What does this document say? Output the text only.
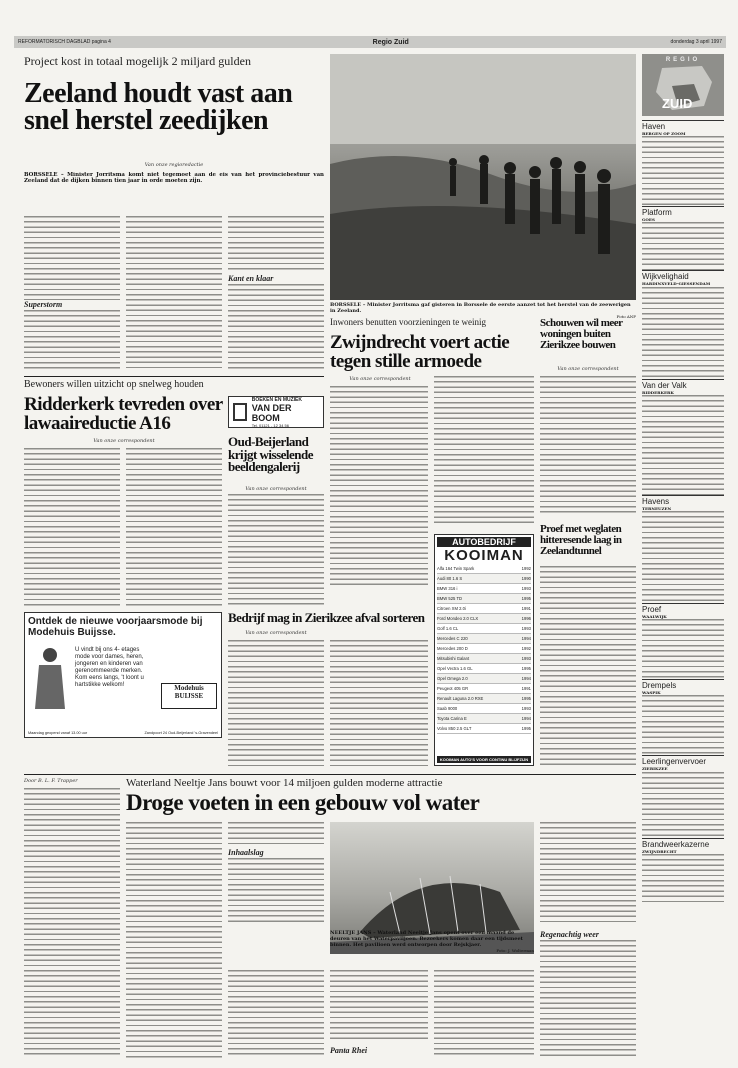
REFORMATORISCH DAGBLAD pagina 4	Regio Zuid	donderdag 3 april 1997
Project kost in totaal mogelijk 2 miljard gulden
Zeeland houdt vast aan snel herstel zeedijken
Van onze regioredactie
BORSSELE – Minister Jorritsma komt niet tegemoet aan de eis van het provinciebestuur van Zeeland dat de dijken binnen tien jaar in orde moeten zijn.
Superstorm
Kant en klaar
BORSSELE – Minister Jorritsma gaf gisteren in Borssele de eerste aanzet tot het herstel van de zeewerigen in Zeeland.
Foto ANP
REGIO
ZUID
Haven
BERGEN OP ZOOM
Platform
GOES
Wijkvelighaid
HARDINXVELD-GIESSENDAM
Van der Valk
RIDDERKERK
Havens
TERNEUZEN
Proef
WAALWIJK
Drempels
WASPIK
Leerlingenvervoer
ZIERIKZEE
Brandweerkazerne
ZWIJNDRECHT
Bewoners willen uitzicht op snelweg houden
Ridderkerk tevreden over lawaaireductie A16
Van onze correspondent
BOEKEN EN MUZIEK
VAN DER BOOM
Tel. 01121 - 12 34 56
Oud-Beijerland krijgt wisselende beeldengalerij
Van onze correspondent
Inwoners benutten voorzieningen te weinig
Zwijndrecht voert actie tegen stille armoede
Van onze correspondent
Schouwen wil meer woningen buiten Zierikzee bouwen
Van onze correspondent
Proef met weglaten hitteresende laag in Zeelandtunnel
AUTOBEDRIJF
KOOIMAN
Alfa 164 Twin Spark	1992
Audi 80 1.6 S	1990
BMW 316 i	1993
BMW 525 TD	1995
Citroen XM 2.0i	1991
Ford Mondeo 2.0 CLX	1996
Golf 1.6 CL	1993
Mercedes C 220	1994
Mercedes 200 D	1992
Mitsubishi Galant	1993
Opel Vectra 1.6 GL	1995
Opel Omega 2.0	1994
Peugeot 405 GR	1991
Renault Laguna 2.0 RXE	1995
Saab 9000	1993
Toyota Carina E	1994
Volvo 850 2.5 GLT	1995
KOOIMAN AUTO'S VOOR CONTINU BLIJFZIJN
Bedrijf mag in Zierikzee afval sorteren
Van onze correspondent
Ontdek de nieuwe voorjaarsmode bij Modehuis Buijsse.
U vindt bij ons 4- etages mode voor dames, heren, jongeren en kinderen van gerenommeerde merken. Kom eens langs, 't loont u hartstikke welkom!	Modehuis BUIJSSE
Maandag geopend vanaf 13.00 uur	Zandpoort 24 Oud-Beijerland 's-Gravendeel
Door B. L. F. Trapper	Waterland Neeltje Jans bouwt voor 14 miljoen gulden moderne attractie
Droge voeten in een gebouw vol water
Inhaalslag
NEELTJE JANS – Waterland Neeltje Jans opent over een maand de deuren van het Waterpaviljoen. Bezoekers komen daar een tijdsmeet binnen. Het pavilioen werd ontworpen door Rejskjaer.
Foto: J. Wolterman
Panta Rhei
Regenachtig weer
